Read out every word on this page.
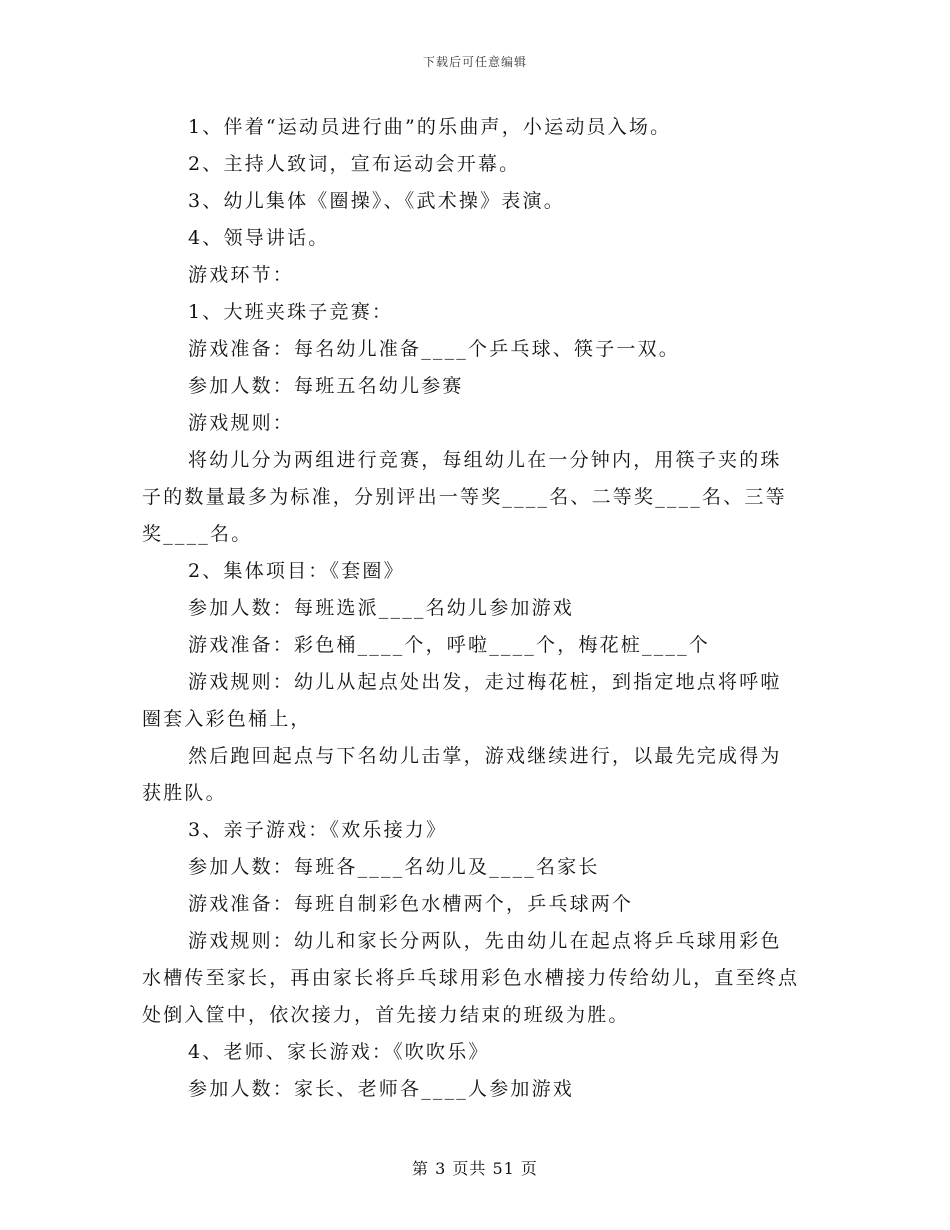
下载后可任意编辑

1、伴着“运动员进行曲”的乐曲声，小运动员入场。

2、主持人致词，宣布运动会开幕。

3、幼儿集体《圈操》、《武术操》表演。

4、领导讲话。

游戏环节：

1、大班夹珠子竞赛：

游戏准备：每名幼儿准备____个乒乓球、筷子一双。

参加人数：每班五名幼儿参赛

游戏规则：

将幼儿分为两组进行竞赛，每组幼儿在一分钟内，用筷子夹的珠子的数量最多为标准，分别评出一等奖____名、二等奖____名、三等奖____名。

2、集体项目：《套圈》

参加人数：每班选派____名幼儿参加游戏

游戏准备：彩色桶____个，呼啦____个，梅花桩____个

游戏规则：幼儿从起点处出发，走过梅花桩，到指定地点将呼啦圈套入彩色桶上，

然后跑回起点与下名幼儿击掌，游戏继续进行，以最先完成得为获胜队。

3、亲子游戏：《欢乐接力》

参加人数：每班各____名幼儿及____名家长

游戏准备：每班自制彩色水槽两个，乒乓球两个

游戏规则：幼儿和家长分两队，先由幼儿在起点将乒乓球用彩色水槽传至家长，再由家长将乒乓球用彩色水槽接力传给幼儿，直至终点处倒入筐中，依次接力，首先接力结束的班级为胜。

4、老师、家长游戏：《吹吹乐》

参加人数：家长、老师各____人参加游戏

第 3 页共 51 页
